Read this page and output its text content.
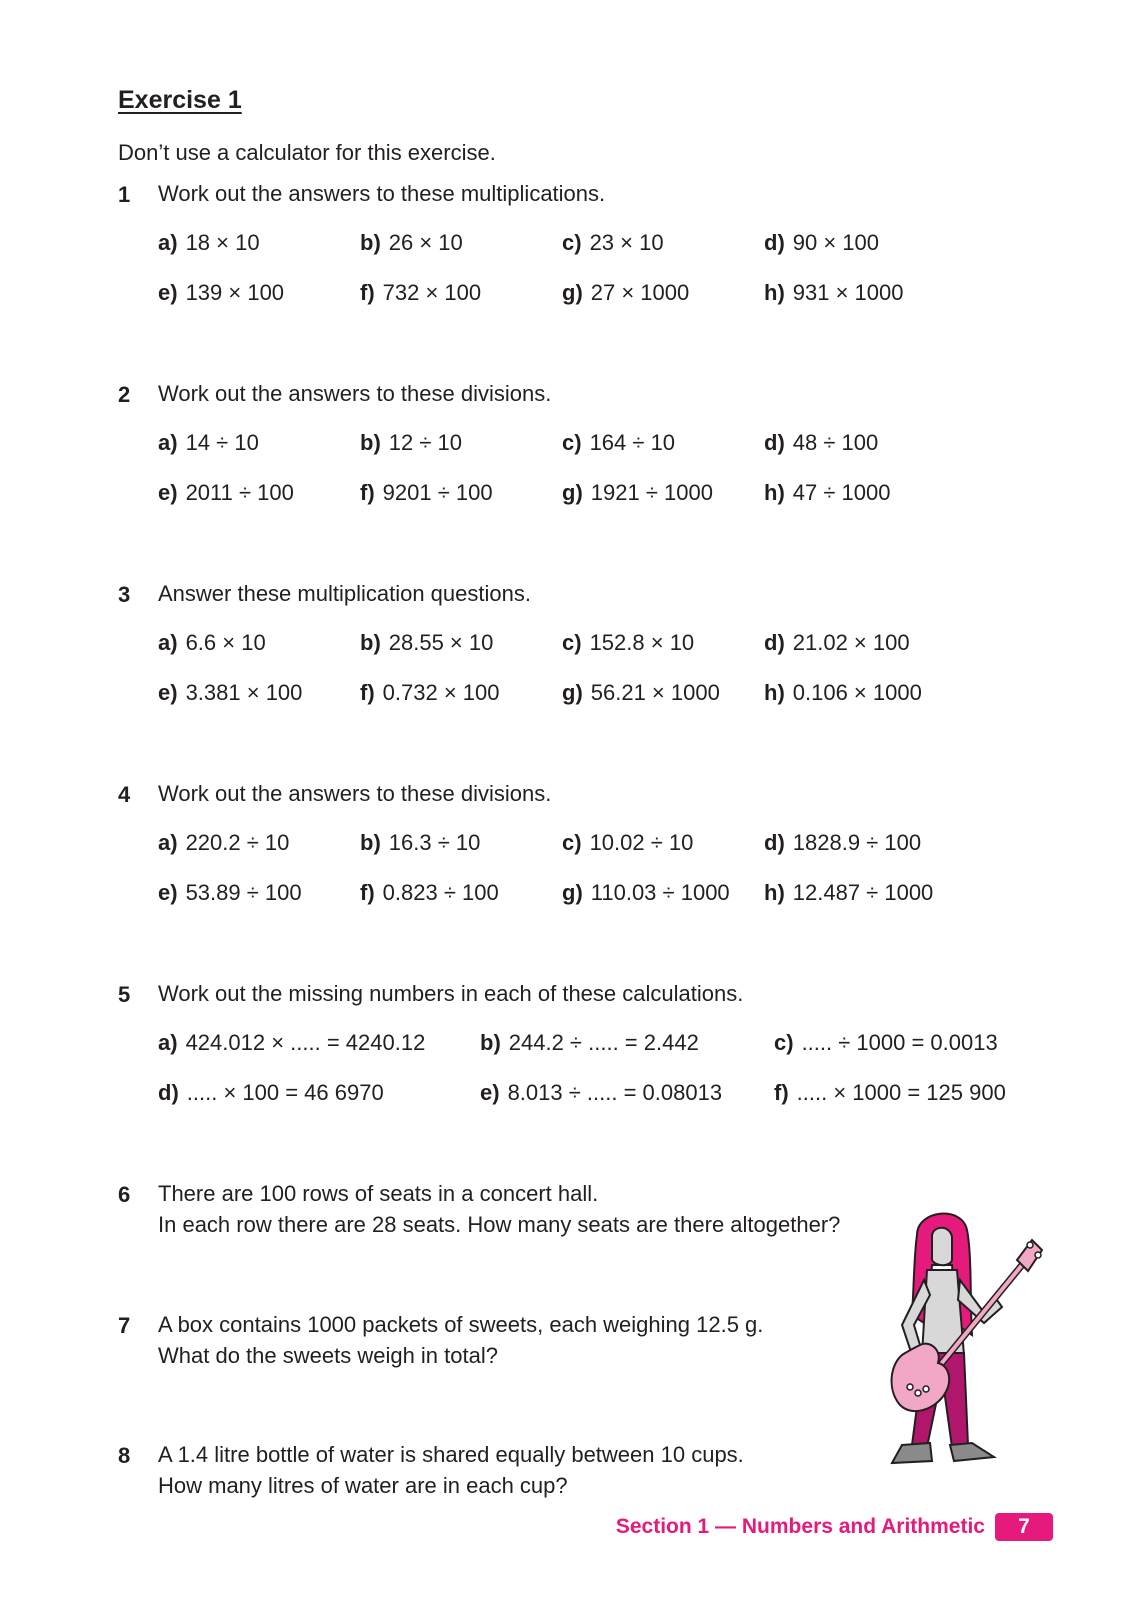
Exercise 1
Don’t use a calculator for this exercise.
1 Work out the answers to these multiplications.
a) 18 × 10	b) 26 × 10	c) 23 × 10	d) 90 × 100
e) 139 × 100	f) 732 × 100	g) 27 × 1000	h) 931 × 1000
2 Work out the answers to these divisions.
a) 14 ÷ 10	b) 12 ÷ 10	c) 164 ÷ 10	d) 48 ÷ 100
e) 2011 ÷ 100	f) 9201 ÷ 100	g) 1921 ÷ 1000 h) 47 ÷ 1000
3 Answer these multiplication questions.
a) 6.6 × 10	b) 28.55 × 10	c) 152.8 × 10	d) 21.02 × 100
e) 3.381 × 100	f) 0.732 × 100	g) 56.21 × 1000 h) 0.106 × 1000
4 Work out the answers to these divisions.
a) 220.2 ÷ 10	b) 16.3 ÷ 10	c) 10.02 ÷ 10	d) 1828.9 ÷ 100
e) 53.89 ÷ 100	f) 0.823 ÷ 100	g) 110.03 ÷ 1000 h) 12.487 ÷ 1000
5 Work out the missing numbers in each of these calculations.
a) 424.012 × ..... = 4240.12 b) 244.2 ÷ ..... = 2.442	c) ..... ÷ 1000 = 0.0013
d) ..... × 100 = 46 6970	e) 8.013 ÷ ..... = 0.08013 f) ..... × 1000 = 125 900
6 There are 100 rows of seats in a concert hall.
In each row there are 28 seats. How many seats are there altogether?
7 A box contains 1000 packets of sweets, each weighing 12.5 g.
What do the sweets weigh in total?
8 A 1.4 litre bottle of water is shared equally between 10 cups.
How many litres of water are in each cup?
Section 1 — Numbers and Arithmetic	7
